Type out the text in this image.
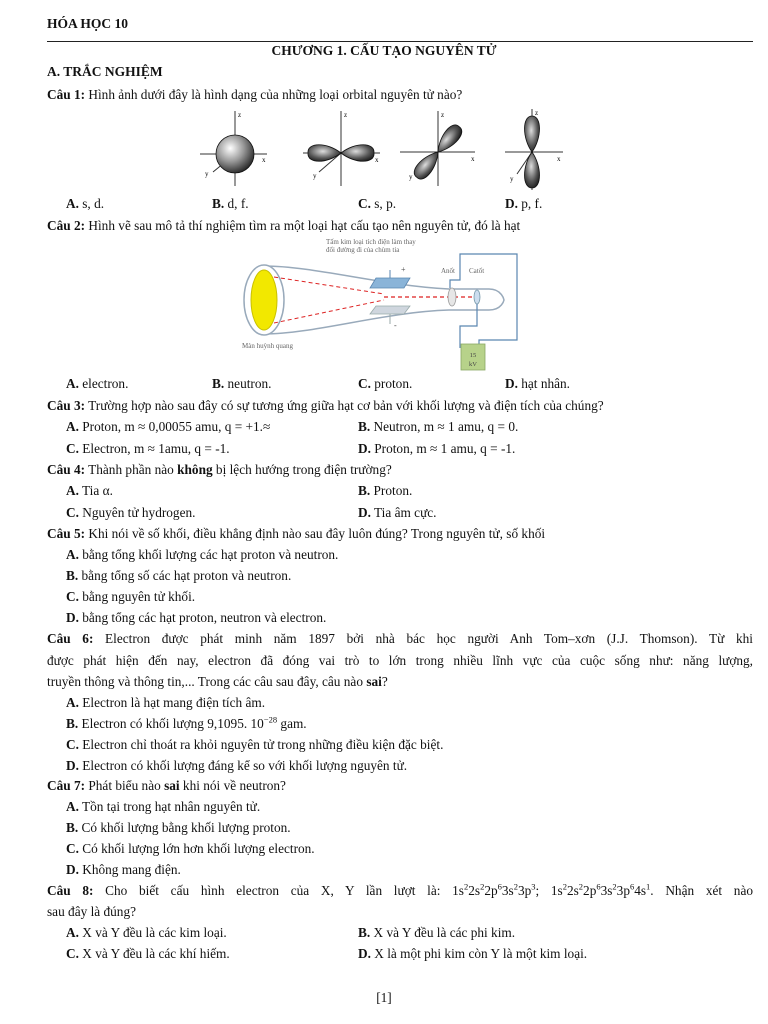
HÓA HỌC 10
CHƯƠNG 1. CẤU TẠO NGUYÊN TỬ
A. TRẮC NGHIỆM
Câu 1: Hình ảnh dưới đây là hình dạng của những loại orbital nguyên tử nào?
z
x
y
z
x
y
z
x
y
z
x
y
A. s, d.	B. d, f.	C. s, p.	D. p, f.
Câu 2: Hình vẽ sau mô tả thí nghiệm tìm ra một loại hạt cấu tạo nên nguyên tử, đó là hạt
+
-
15
kV
Tấm kim loại tích điện làm thay
đổi đường đi của chùm tia
Anốt Catốt
Màn huỳnh quang
A. electron.	B. neutron.	C. proton.	D. hạt nhân.
Câu 3: Trường hợp nào sau đây có sự tương ứng giữa hạt cơ bản với khối lượng và điện tích của chúng?
A. Proton, m ≈ 0,00055 amu, q = +1.≈	B. Neutron, m ≈ 1 amu, q = 0.
C. Electron, m ≈ 1amu, q = -1.	D. Proton, m ≈ 1 amu, q = -1.
Câu 4: Thành phần nào không bị lệch hướng trong điện trường?
A. Tia α.	B. Proton.
C. Nguyên tử hydrogen.	D. Tia âm cực.
Câu 5: Khi nói về số khối, điều khẳng định nào sau đây luôn đúng? Trong nguyên tử, số khối
A. bằng tổng khối lượng các hạt proton và neutron.
B. bằng tổng số các hạt proton và neutron.
C. bằng nguyên tử khối.
D. bằng tổng các hạt proton, neutron và electron.
Câu 6: Electron được phát minh năm 1897 bởi nhà bác học người Anh Tom–xơn (J.J. Thomson). Từ khi
được phát hiện đến nay, electron đã đóng vai trò to lớn trong nhiều lĩnh vực của cuộc sống như: năng lượng,
truyền thông và thông tin,... Trong các câu sau đây, câu nào sai?
A. Electron là hạt mang điện tích âm.
B. Electron có khối lượng 9,1095. $10^{-28}$ gam.
C. Electron chỉ thoát ra khỏi nguyên tử trong những điều kiện đặc biệt.
D. Electron có khối lượng đáng kể so với khối lượng nguyên tử.
Câu 7: Phát biểu nào sai khi nói về neutron?
A. Tồn tại trong hạt nhân nguyên tử.
B. Có khối lượng bằng khối lượng proton.
C. Có khối lượng lớn hơn khối lượng electron.
D. Không mang điện.
Câu 8: Cho biết cấu hình electron của X, Y lần lượt là: $1s^22s^22p^63s^23p^3$; $1s^22s^22p^63s^23p^64s^1$. Nhận xét nào
sau đây là đúng?
A. X và Y đều là các kim loại.	B. X và Y đều là các phi kim.
C. X và Y đều là các khí hiếm.	D. X là một phi kim còn Y là một kim loại.
[1]
